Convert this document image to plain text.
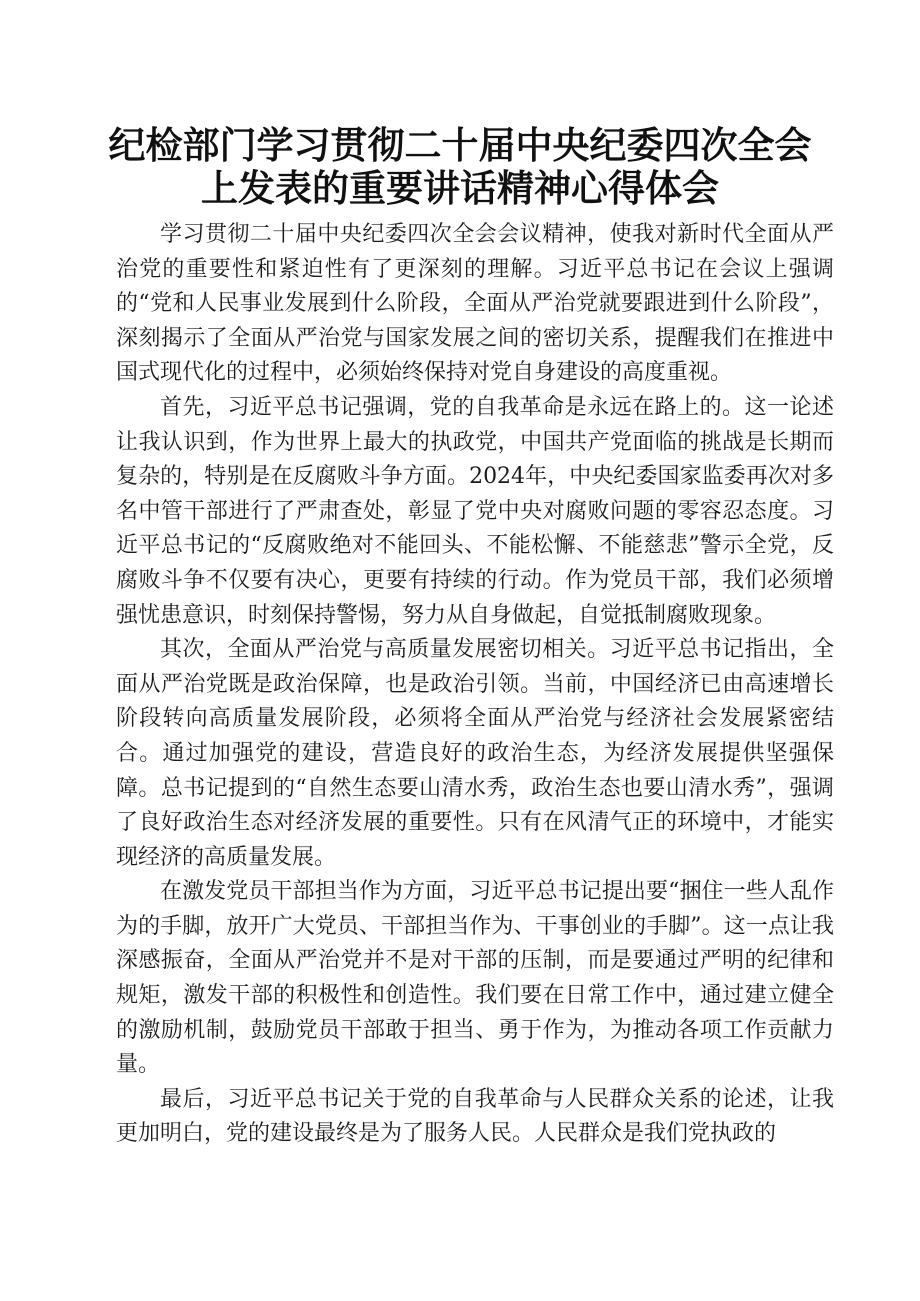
纪检部门学习贯彻二十届中央纪委四次全会上发表的重要讲话精神心得体会

学习贯彻二十届中央纪委四次全会会议精神，使我对新时代全面从严治党的重要性和紧迫性有了更深刻的理解。习近平总书记在会议上强调的“党和人民事业发展到什么阶段，全面从严治党就要跟进到什么阶段”，深刻揭示了全面从严治党与国家发展之间的密切关系，提醒我们在推进中国式现代化的过程中，必须始终保持对党自身建设的高度重视。

首先，习近平总书记强调，党的自我革命是永远在路上的。这一论述让我认识到，作为世界上最大的执政党，中国共产党面临的挑战是长期而复杂的，特别是在反腐败斗争方面。2024年，中央纪委国家监委再次对多名中管干部进行了严肃查处，彰显了党中央对腐败问题的零容忍态度。习近平总书记的“反腐败绝对不能回头、不能松懈、不能慈悲”警示全党，反腐败斗争不仅要有决心，更要有持续的行动。作为党员干部，我们必须增强忧患意识，时刻保持警惕，努力从自身做起，自觉抵制腐败现象。

其次，全面从严治党与高质量发展密切相关。习近平总书记指出，全面从严治党既是政治保障，也是政治引领。当前，中国经济已由高速增长阶段转向高质量发展阶段，必须将全面从严治党与经济社会发展紧密结合。通过加强党的建设，营造良好的政治生态，为经济发展提供坚强保障。总书记提到的“自然生态要山清水秀，政治生态也要山清水秀”，强调了良好政治生态对经济发展的重要性。只有在风清气正的环境中，才能实现经济的高质量发展。

在激发党员干部担当作为方面，习近平总书记提出要“捆住一些人乱作为的手脚，放开广大党员、干部担当作为、干事创业的手脚”。这一点让我深感振奋，全面从严治党并不是对干部的压制，而是要通过严明的纪律和规矩，激发干部的积极性和创造性。我们要在日常工作中，通过建立健全的激励机制，鼓励党员干部敢于担当、勇于作为，为推动各项工作贡献力量。

最后，习近平总书记关于党的自我革命与人民群众关系的论述，让我更加明白，党的建设最终是为了服务人民。人民群众是我们党执政的
